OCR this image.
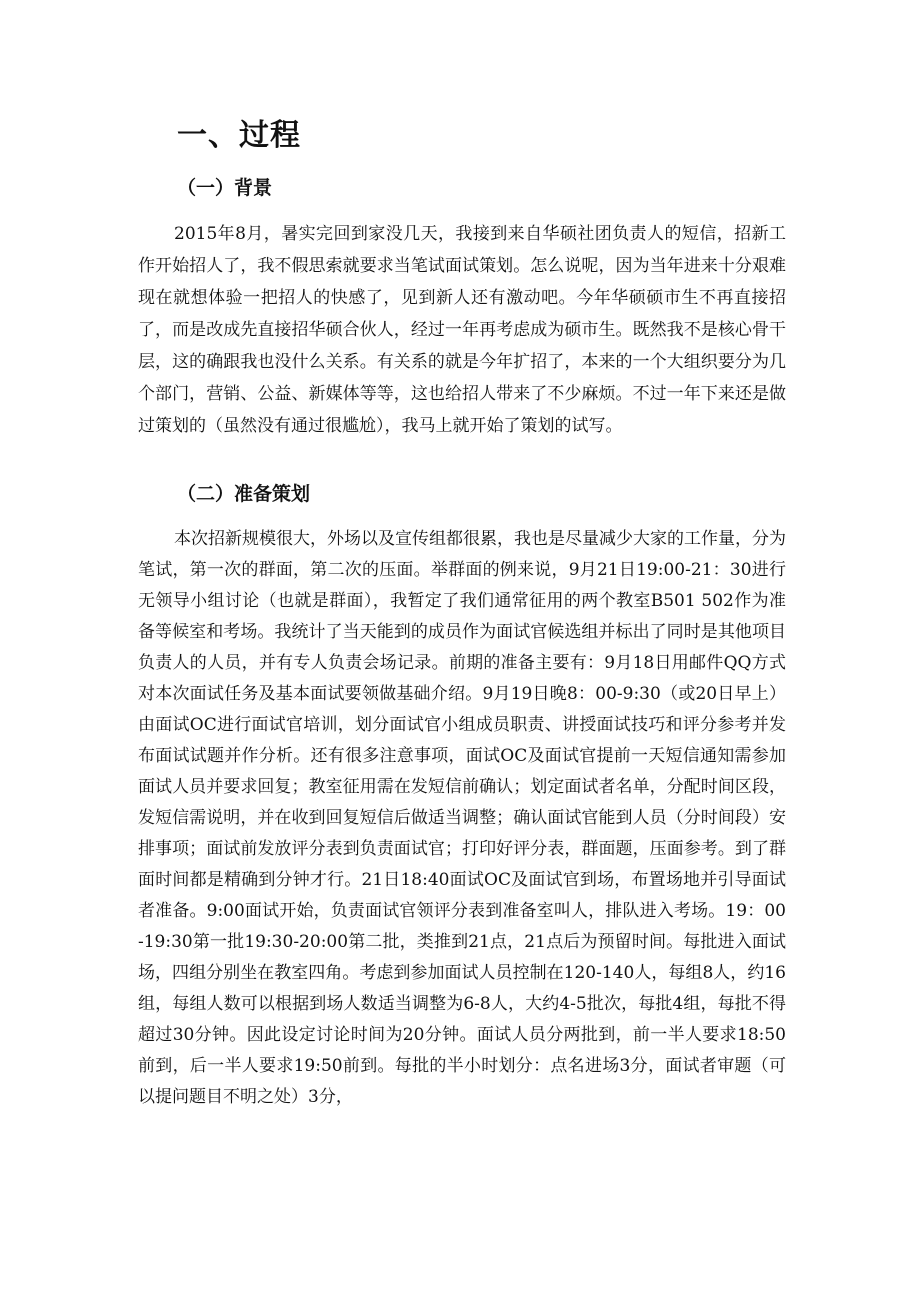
一、过程
（一）背景

2015年8月，暑实完回到家没几天，我接到来自华硕社团负责人的短信，招新工作开始招人了，我不假思索就要求当笔试面试策划。怎么说呢，因为当年进来十分艰难现在就想体验一把招人的快感了，见到新人还有激动吧。今年华硕硕市生不再直接招了，而是改成先直接招华硕合伙人，经过一年再考虑成为硕市生。既然我不是核心骨干层，这的确跟我也没什么关系。有关系的就是今年扩招了，本来的一个大组织要分为几个部门，营销、公益、新媒体等等，这也给招人带来了不少麻烦。不过一年下来还是做过策划的（虽然没有通过很尴尬），我马上就开始了策划的试写。

（二）准备策划

本次招新规模很大，外场以及宣传组都很累，我也是尽量减少大家的工作量，分为笔试，第一次的群面，第二次的压面。举群面的例来说，9月21日19:00-21：30进行无领导小组讨论（也就是群面），我暂定了我们通常征用的两个教室B501 502作为准备等候室和考场。我统计了当天能到的成员作为面试官候选组并标出了同时是其他项目负责人的人员，并有专人负责会场记录。前期的准备主要有：9月18日用邮件QQ方式对本次面试任务及基本面试要领做基础介绍。9月19日晚8：00-9:30（或20日早上）由面试OC进行面试官培训，划分面试官小组成员职责、讲授面试技巧和评分参考并发布面试试题并作分析。还有很多注意事项，面试OC及面试官提前一天短信通知需参加面试人员并要求回复；教室征用需在发短信前确认；划定面试者名单，分配时间区段，发短信需说明，并在收到回复短信后做适当调整；确认面试官能到人员（分时间段）安排事项；面试前发放评分表到负责面试官；打印好评分表，群面题，压面参考。到了群面时间都是精确到分钟才行。21日18:40面试OC及面试官到场，布置场地并引导面试者准备。9:00面试开始，负责面试官领评分表到准备室叫人，排队进入考场。19：00-19:30第一批19:30-20:00第二批，类推到21点，21点后为预留时间。每批进入面试场，四组分别坐在教室四角。考虑到参加面试人员控制在120-140人，每组8人，约16组，每组人数可以根据到场人数适当调整为6-8人，大约4-5批次，每批4组，每批不得超过30分钟。因此设定讨论时间为20分钟。面试人员分两批到，前一半人要求18:50前到，后一半人要求19:50前到。每批的半小时划分：点名进场3分，面试者审题（可以提问题目不明之处）3分，
